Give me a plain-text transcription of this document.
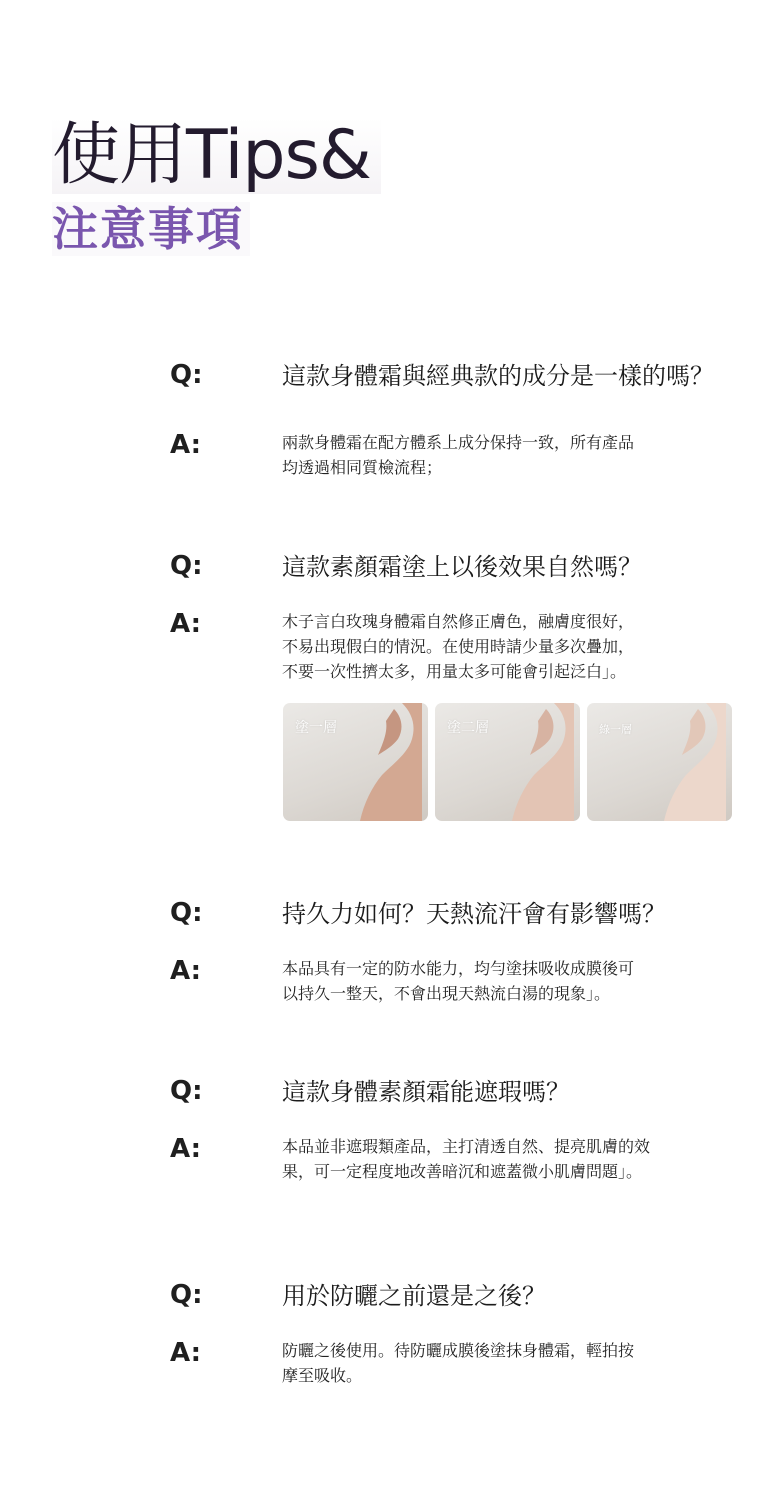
使用Tips&
注意事項
Q:	這款身體霜與經典款的成分是一樣的嗎？
A:	兩款身體霜在配方體系上成分保持一致，所有產品
均透過相同質檢流程；
Q:	這款素顏霜塗上以後效果自然嗎？
A:	木子言白玫瑰身體霜自然修正膚色，融膚度很好，
不易出現假白的情況。在使用時請少量多次疊加，
不要一次性擠太多，用量太多可能會引起泛白」。
塗一層	塗二層	綠一層
Q:	持久力如何？天熱流汗會有影響嗎？
A:	本品具有一定的防水能力，均勻塗抹吸收成膜後可
以持久一整天，不會出現天熱流白湯的現象」。
Q:	這款身體素顏霜能遮瑕嗎？
A:	本品並非遮瑕類產品，主打清透自然、提亮肌膚的效
果，可一定程度地改善暗沉和遮蓋微小肌膚問題」。
Q:	用於防曬之前還是之後？
A:	防曬之後使用。待防曬成膜後塗抹身體霜，輕拍按
摩至吸收。
